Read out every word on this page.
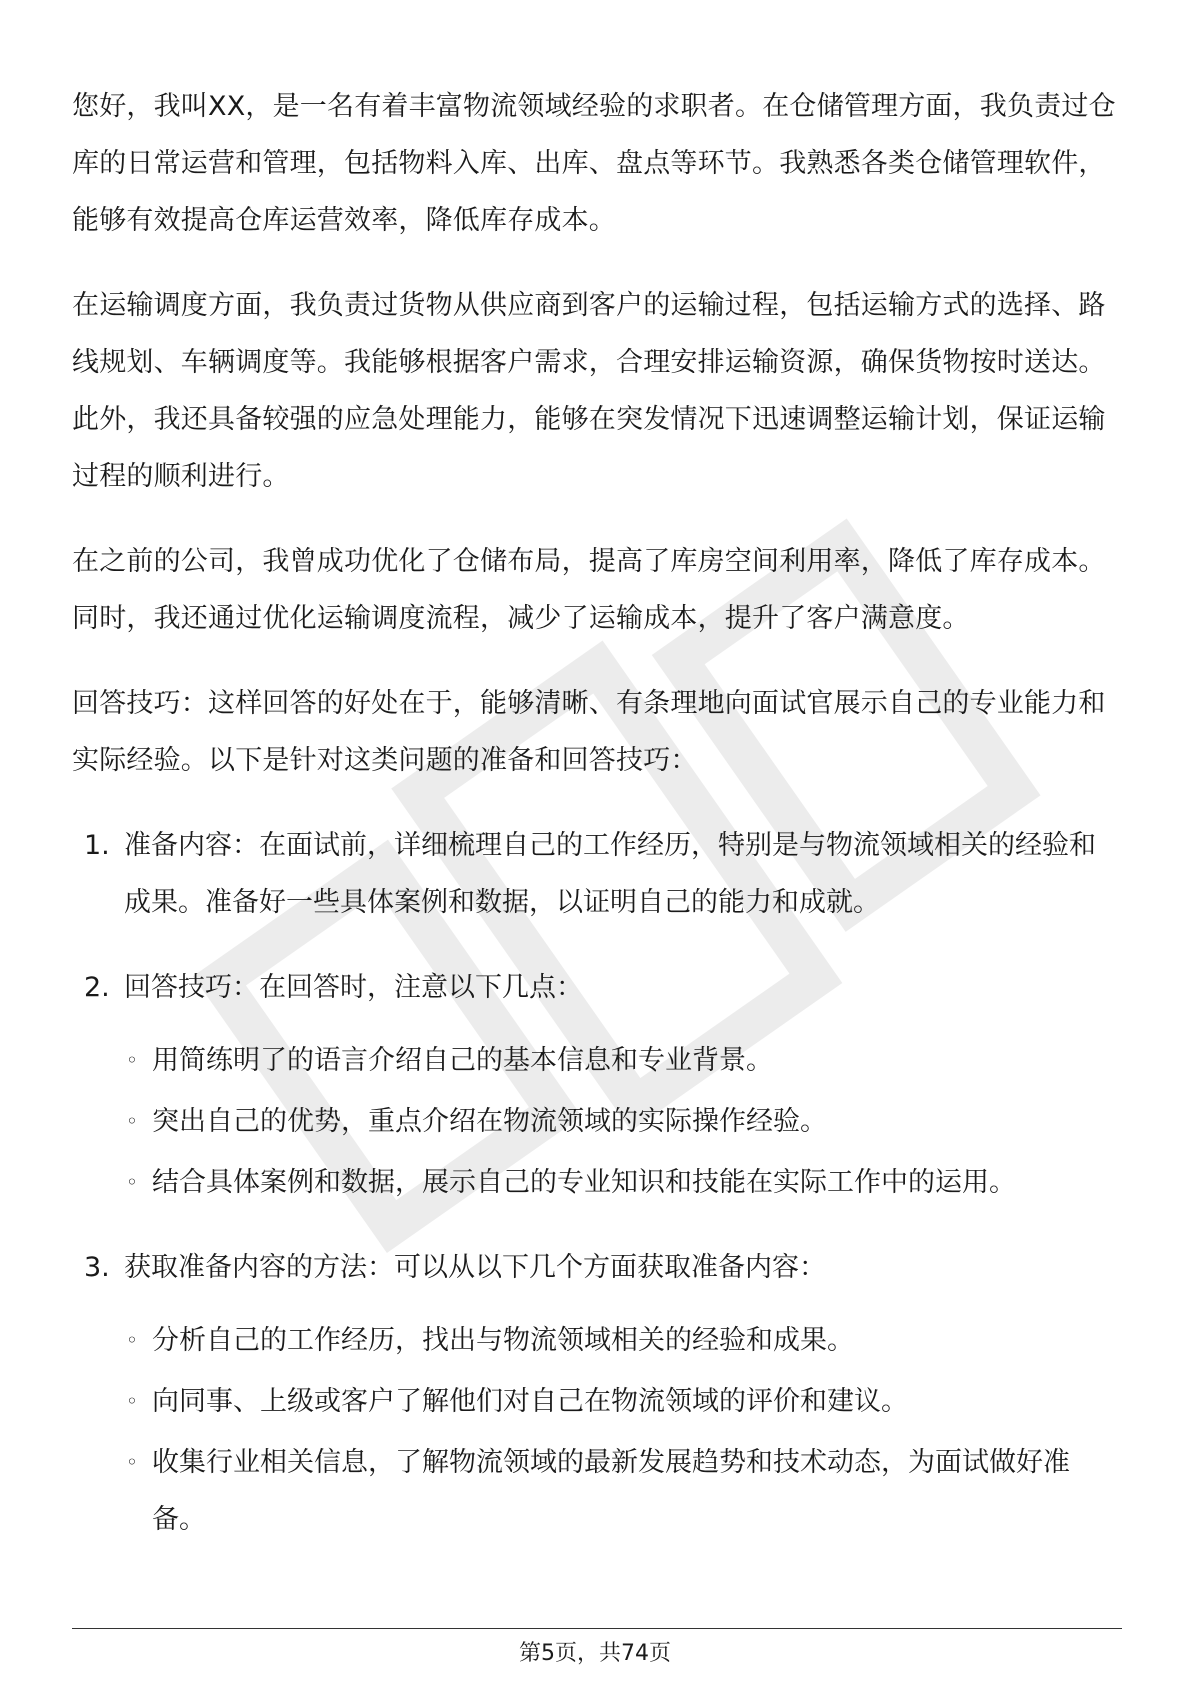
您好，我叫XX，是一名有着丰富物流领域经验的求职者。在仓储管理方面，我负责过仓库的日常运营和管理，包括物料入库、出库、盘点等环节。我熟悉各类仓储管理软件，能够有效提高仓库运营效率，降低库存成本。

在运输调度方面，我负责过货物从供应商到客户的运输过程，包括运输方式的选择、路线规划、车辆调度等。我能够根据客户需求，合理安排运输资源，确保货物按时送达。此外，我还具备较强的应急处理能力，能够在突发情况下迅速调整运输计划，保证运输过程的顺利进行。

在之前的公司，我曾成功优化了仓储布局，提高了库房空间利用率，降低了库存成本。同时，我还通过优化运输调度流程，减少了运输成本，提升了客户满意度。

回答技巧：这样回答的好处在于，能够清晰、有条理地向面试官展示自己的专业能力和实际经验。以下是针对这类问题的准备和回答技巧：

1. 准备内容：在面试前，详细梳理自己的工作经历，特别是与物流领域相关的经验和成果。准备好一些具体案例和数据，以证明自己的能力和成就。
2. 回答技巧：在回答时，注意以下几点：
◦ 用简练明了的语言介绍自己的基本信息和专业背景。
◦ 突出自己的优势，重点介绍在物流领域的实际操作经验。
◦ 结合具体案例和数据，展示自己的专业知识和技能在实际工作中的运用。
3. 获取准备内容的方法：可以从以下几个方面获取准备内容：
◦ 分析自己的工作经历，找出与物流领域相关的经验和成果。
◦ 向同事、上级或客户了解他们对自己在物流领域的评价和建议。
◦ 收集行业相关信息，了解物流领域的最新发展趋势和技术动态，为面试做好准备。
第5页，共74页
